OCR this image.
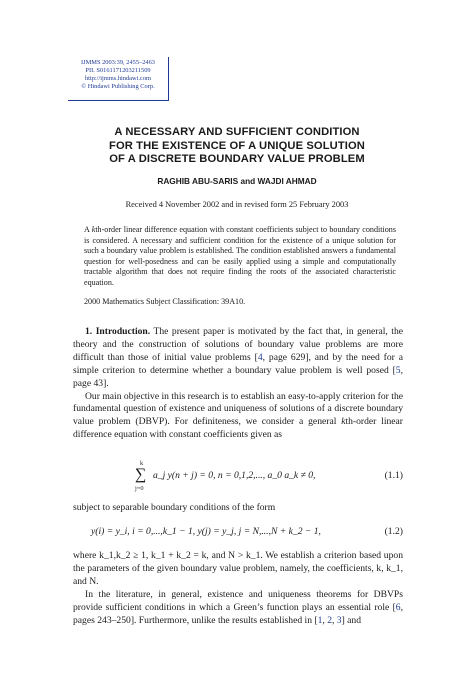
IJMMS 2003:39, 2455–2463
PII. S0161171203211509
http://ijmms.hindawi.com
© Hindawi Publishing Corp.
A NECESSARY AND SUFFICIENT CONDITION
FOR THE EXISTENCE OF A UNIQUE SOLUTION
OF A DISCRETE BOUNDARY VALUE PROBLEM
RAGHIB ABU-SARIS and WAJDI AHMAD
Received 4 November 2002 and in revised form 25 February 2003

A kth-order linear difference equation with constant coefficients subject to boundary conditions is considered. A necessary and sufficient condition for the existence of a unique solution for such a boundary value problem is established. The condition established answers a fundamental question for well-posedness and can be easily applied using a simple and computationally tractable algorithm that does not require finding the roots of the associated characteristic equation.

2000 Mathematics Subject Classification: 39A10.

1. Introduction. The present paper is motivated by the fact that, in general, the theory and the construction of solutions of boundary value problems are more difficult than those of initial value problems [4, page 629], and by the need for a simple criterion to determine whether a boundary value problem is well posed [5, page 43].

Our main objective in this research is to establish an easy-to-apply criterion for the fundamental question of existence and uniqueness of solutions of a discrete boundary value problem (DBVP). For definiteness, we consider a general kth-order linear difference equation with constant coefficients given as

k
∑
j=0
a_j y(n + j) = 0, n = 0,1,2,..., a_0 a_k ≠ 0,	(1.1)

subject to separable boundary conditions of the form

y(i) = y_i, i = 0,...,k_1 − 1, y(j) = y_j, j = N,...,N + k_2 − 1,	(1.2)

where k_1,k_2 ≥ 1, k_1 + k_2 = k, and N > k_1. We establish a criterion based upon the parameters of the given boundary value problem, namely, the coefficients, k, k_1, and N.

In the literature, in general, existence and uniqueness theorems for DBVPs provide sufficient conditions in which a Green’s function plays an essential role [6, pages 243–250]. Furthermore, unlike the results established in [1, 2, 3] and
